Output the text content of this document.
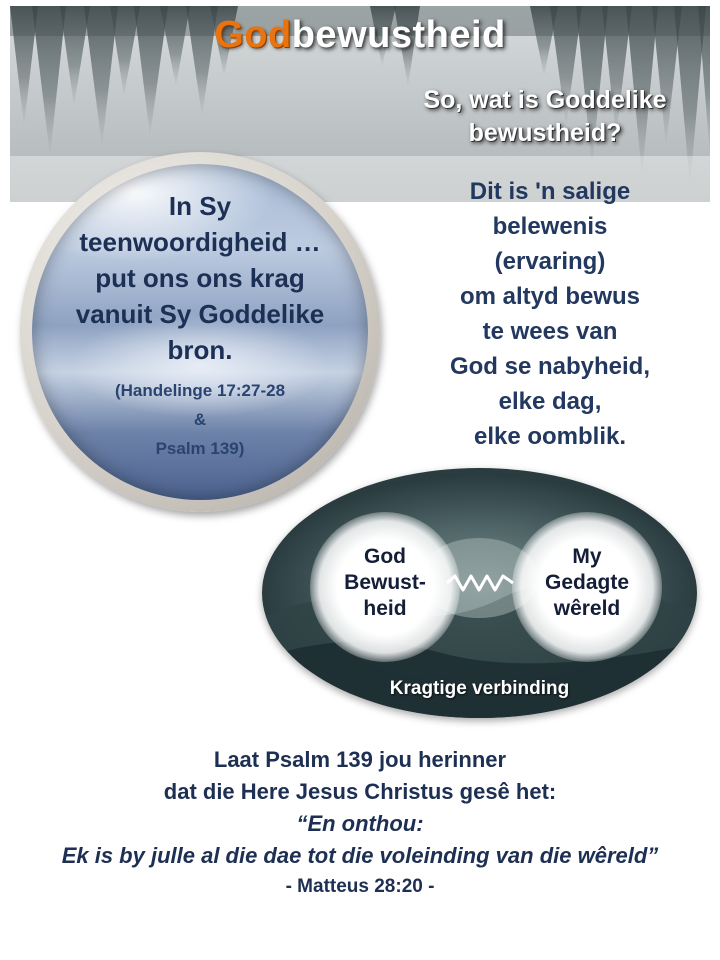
Godbewustheid
So, wat is Goddelike
bewustheid?
In Sy
teenwoordigheid …
put ons ons krag
vanuit Sy Goddelike
bron.
(Handelinge 17:27-28
&
Psalm 139)
Dit is 'n salige
belewenis
(ervaring)
om altyd bewus
te wees van
God se nabyheid,
elke dag,
elke oomblik.
God
Bewust-
heid
My
Gedagte
wêreld
Kragtige verbinding
Laat Psalm 139 jou herinner
dat die Here Jesus Christus gesê het:
“En onthou:
Ek is by julle al die dae tot die voleinding van die wêreld”
- Matteus 28:20 -
